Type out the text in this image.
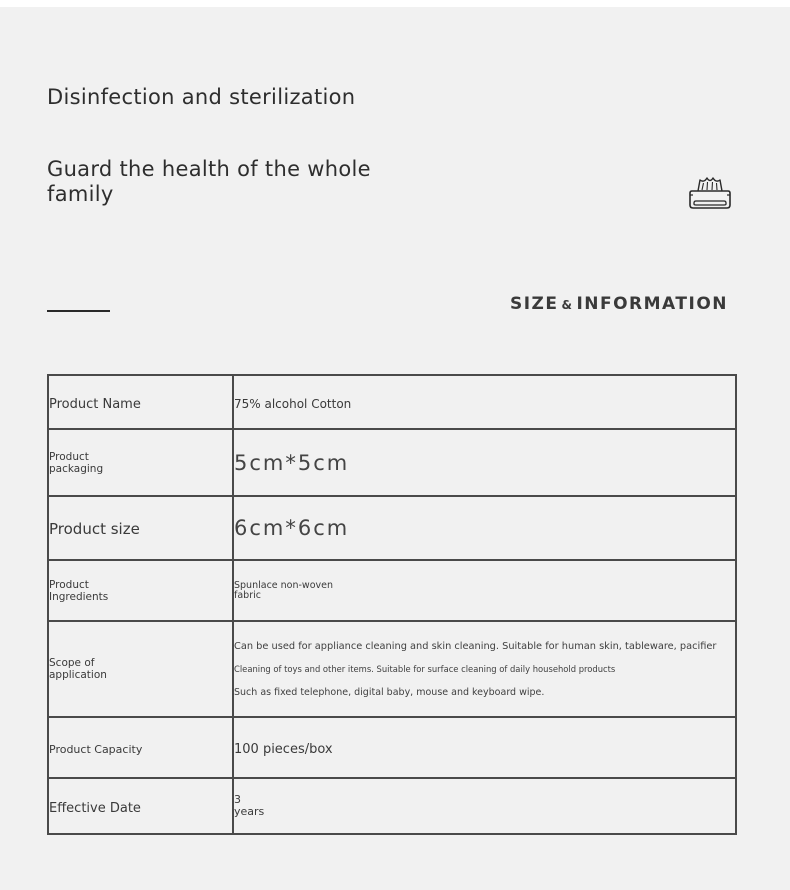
Disinfection and sterilization
Guard the health of the whole family
SIZE & INFORMATION
Product Name	75% alcohol Cotton

Product
packaging	5cm*5cm
Product size	6cm*6cm

Product
Ingredients	Spunlace non-woven
fabric

Scope of
application	Can be used for appliance cleaning and skin cleaning. Suitable for human skin, tableware, pacifier
Cleaning of toys and other items. Suitable for surface cleaning of daily household products
Such as fixed telephone, digital baby, mouse and keyboard wipe.

Product Capacity	100 pieces/box
Effective Date	3
years
